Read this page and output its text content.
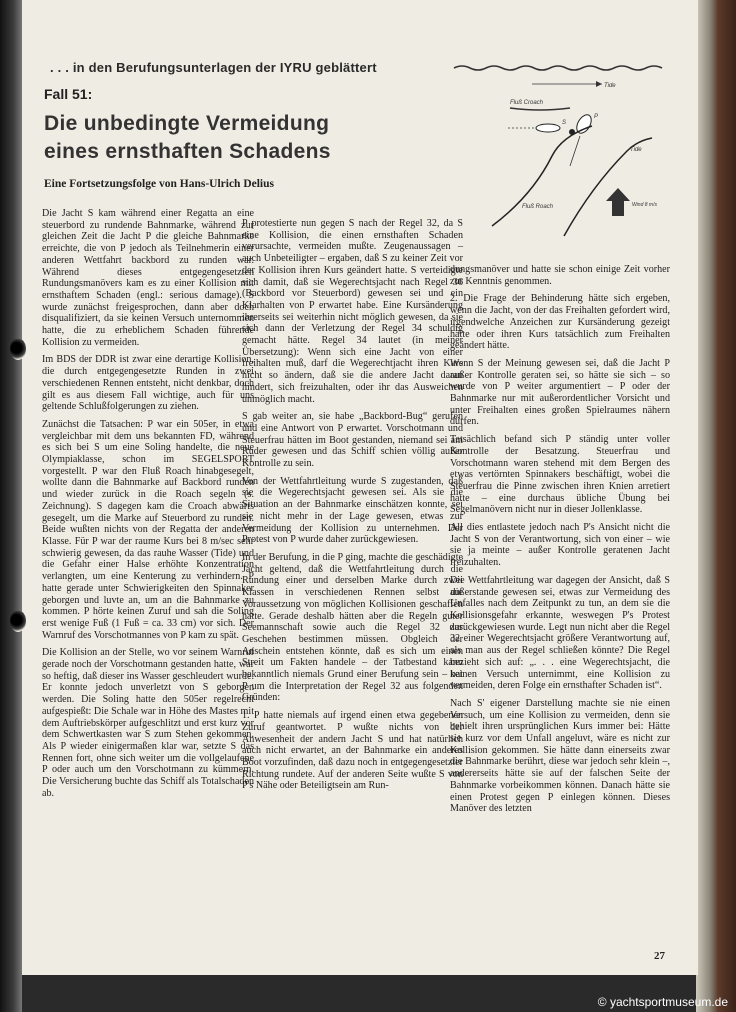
. . . in den Berufungsunterlagen der IYRU geblättert
Fall 51:
Die unbedingte Vermeidung
eines ernsthaften Schadens
Eine Fortsetzungsfolge von Hans-Ulrich Delius
Tide
Fluß Croach
S
P
Tide
Fluß Roach	Wind 8 m/s

Die Jacht S kam während einer Regatta an eine steuerbord zu rundende Bahnmarke, während zur gleichen Zeit die Jacht P die gleiche Bahnmarke erreichte, die von P jedoch als Teilnehmerin einer anderen Wettfahrt backbord zu runden war. Während dieses entgegengesetzten Rundungsmanövers kam es zu einer Kollision mit ernsthaftem Schaden (engl.: serious damage). S wurde zunächst freigesprochen, dann aber doch disqualifiziert, da sie keinen Versuch unternommen hatte, die zu erheblichem Schaden führende Kollision zu vermeiden.

Im BDS der DDR ist zwar eine derartige Kollision, die durch entgegengesetzte Runden in zwei verschiedenen Rennen entsteht, nicht denkbar, doch gilt es aus diesem Fall wichtige, auch für uns geltende Schlußfolgerungen zu ziehen.

Zunächst die Tatsachen: P war ein 505er, in etwa vergleichbar mit dem uns bekannten FD, während es sich bei S um eine Soling handelte, die neue Olympiaklasse, schon im SEGELSPORT vorgestellt. P war den Fluß Roach hinabgesegelt, wollte dann die Bahnmarke auf Backbord runden und wieder zurück in die Roach segeln (s. Zeichnung). S dagegen kam die Croach abwärts gesegelt, um die Marke auf Steuerbord zu runden. Beide wußten nichts von der Regatta der anderen Klasse. Für P war der raume Kurs bei 8 m/sec sehr schwierig gewesen, da das rauhe Wasser (Tide) und die Gefahr einer Halse erhöhte Konzentration verlangten, um eine Kenterung zu verhindern. P hatte gerade unter Schwierigkeiten den Spinnaker geborgen und luvte an, um an die Bahnmarke zu kommen. P hörte keinen Zuruf und sah die Soling erst wenige Fuß (1 Fuß = ca. 33 cm) vor sich. Der Warnruf des Vorschotmannes von P kam zu spät.

Die Kollision an der Stelle, wo vor seinem Warnruf gerade noch der Vorschotmann gestanden hatte, war so heftig, daß dieser ins Wasser geschleudert wurde. Er konnte jedoch unverletzt von S geborgen werden. Die Soling hatte den 505er regelrecht aufgespießt: Die Schale war in Höhe des Mastes mit dem Auftriebskörper aufgeschlitzt und erst kurz vor dem Schwertkasten war S zum Stehen gekommen. Als P wieder einigermaßen klar war, setzte S das Rennen fort, ohne sich weiter um die vollgelaufene P oder auch um den Vorschotmann zu kümmern. Die Versicherung buchte das Schiff als Totalschaden ab.

P protestierte nun gegen S nach der Regel 32, da S eine Kollision, die einen ernsthaften Schaden verursachte, vermeiden mußte. Zeugenaussagen – auch Unbeteiligter – ergaben, daß S zu keiner Zeit vor der Kollision ihren Kurs geändert hatte. S verteidigte sich damit, daß sie Wegerechtsjacht nach Regel 36 (Backbord vor Steuerbord) gewesen sei und ein Klarhalten von P erwartet habe. Eine Kursänderung ihrerseits sei weiterhin nicht möglich gewesen, da sie sich dann der Verletzung der Regel 34 schuldig gemacht hätte. Regel 34 lautet (in meiner Übersetzung): Wenn sich eine Jacht von einer freihalten muß, darf die Wegerechtjacht ihren Kurs nicht so ändern, daß sie die andere Jacht daran hindert, sich freizuhalten, oder ihr das Ausweichen unmöglich macht.

S gab weiter an, sie habe „Backbord-Bug“ gerufen und eine Antwort von P erwartet. Vorschotmann und Steuerfrau hätten im Boot gestanden, niemand sei am Ruder gewesen und das Schiff schien völlig außer Kontrolle zu sein.

Von der Wettfahrtleitung wurde S zugestanden, daß sie die Wegerechtsjacht gewesen sei. Als sie die Situation an der Bahnmarke einschätzen konnte, sei sie nicht mehr in der Lage gewesen, etwas zur Vermeidung der Kollision zu unternehmen. Der Protest von P wurde daher zurückgewiesen.

In der Berufung, in die P ging, machte die geschädigte Jacht geltend, daß die Wettfahrtleitung durch die Rundung einer und derselben Marke durch zwei Klassen in verschiedenen Rennen selbst die Voraussetzung von möglichen Kollisionen geschaffen hatte. Gerade deshalb hätten aber die Regeln guter Seemannschaft sowie auch die Regel 32 das Geschehen bestimmen müssen. Obgleich der Anschein entstehen könnte, daß es sich um einen Streit um Fakten handele – der Tatbestand kann bekanntlich niemals Grund einer Berufung sein – bat P um die Interpretation der Regel 32 aus folgenden Gründen:

1. P hatte niemals auf irgend einen etwa gegebenen Zuruf geantwortet. P wußte nichts von der Anwesenheit der andern Jacht S und hat natürlich auch nicht erwartet, an der Bahnmarke ein anderes Boot vorzufinden, daß dazu noch in entgegengesetzter Richtung rundete. Auf der anderen Seite wußte S von P's Nähe oder Beteiligtsein am Run-

dungsmanöver und hatte sie schon einige Zeit vorher zur Kenntnis genommen.

2. Die Frage der Behinderung hätte sich ergeben, wenn die Jacht, von der das Freihalten gefordert wird, irgendwelche Anzeichen zur Kursänderung gezeigt hätte oder ihren Kurs tatsächlich zum Freihalten geändert hätte.

Wenn S der Meinung gewesen sei, daß die Jacht P außer Kontrolle geraten sei, so hätte sie sich – so wurde von P weiter argumentiert – P oder der Bahnmarke nur mit außerordentlicher Vorsicht und unter Freihalten eines großen Spielraumes nähern dürfen.

Tatsächlich befand sich P ständig unter voller Kontrolle der Besatzung. Steuerfrau und Vorschotmann waren stehend mit dem Bergen des etwas vertörnten Spinnakers beschäftigt, wobei die Steuerfrau die Pinne zwischen ihren Knien arretiert hatte – eine durchaus übliche Übung bei Segelmanövern nicht nur in dieser Jollenklasse.

All dies entlastete jedoch nach P's Ansicht nicht die Jacht S von der Verantwortung, sich von einer – wie sie ja meinte – außer Kontrolle geratenen Jacht freizuhalten.

Die Wettfahrtleitung war dagegen der Ansicht, daß S außerstande gewesen sei, etwas zur Vermeidung des Unfalles nach dem Zeitpunkt zu tun, an dem sie die Kollisionsgefahr erkannte, weswegen P's Protest zurückgewiesen wurde. Legt nun nicht aber die Regel 32 einer Wegerechtsjacht größere Verantwortung auf, als man aus der Regel schließen könnte? Die Regel bezieht sich auf: „. . . eine Wegerechtsjacht, die keinen Versuch unternimmt, eine Kollision zu vermeiden, deren Folge ein ernsthafter Schaden ist“.

Nach S' eigener Darstellung machte sie nie einen Versuch, um eine Kollision zu vermeiden, denn sie behielt ihren ursprünglichen Kurs immer bei: Hätte sie kurz vor dem Unfall angeluvt, wäre es nicht zur Kollision gekommen. Sie hätte dann einerseits zwar die Bahnmarke berührt, diese war jedoch sehr klein –, andererseits hätte sie auf der falschen Seite der Bahnmarke vorbeikommen können. Danach hätte sie einen Protest gegen P einlegen können. Dieses Manöver des letzten

27
© yachtsportmuseum.de
